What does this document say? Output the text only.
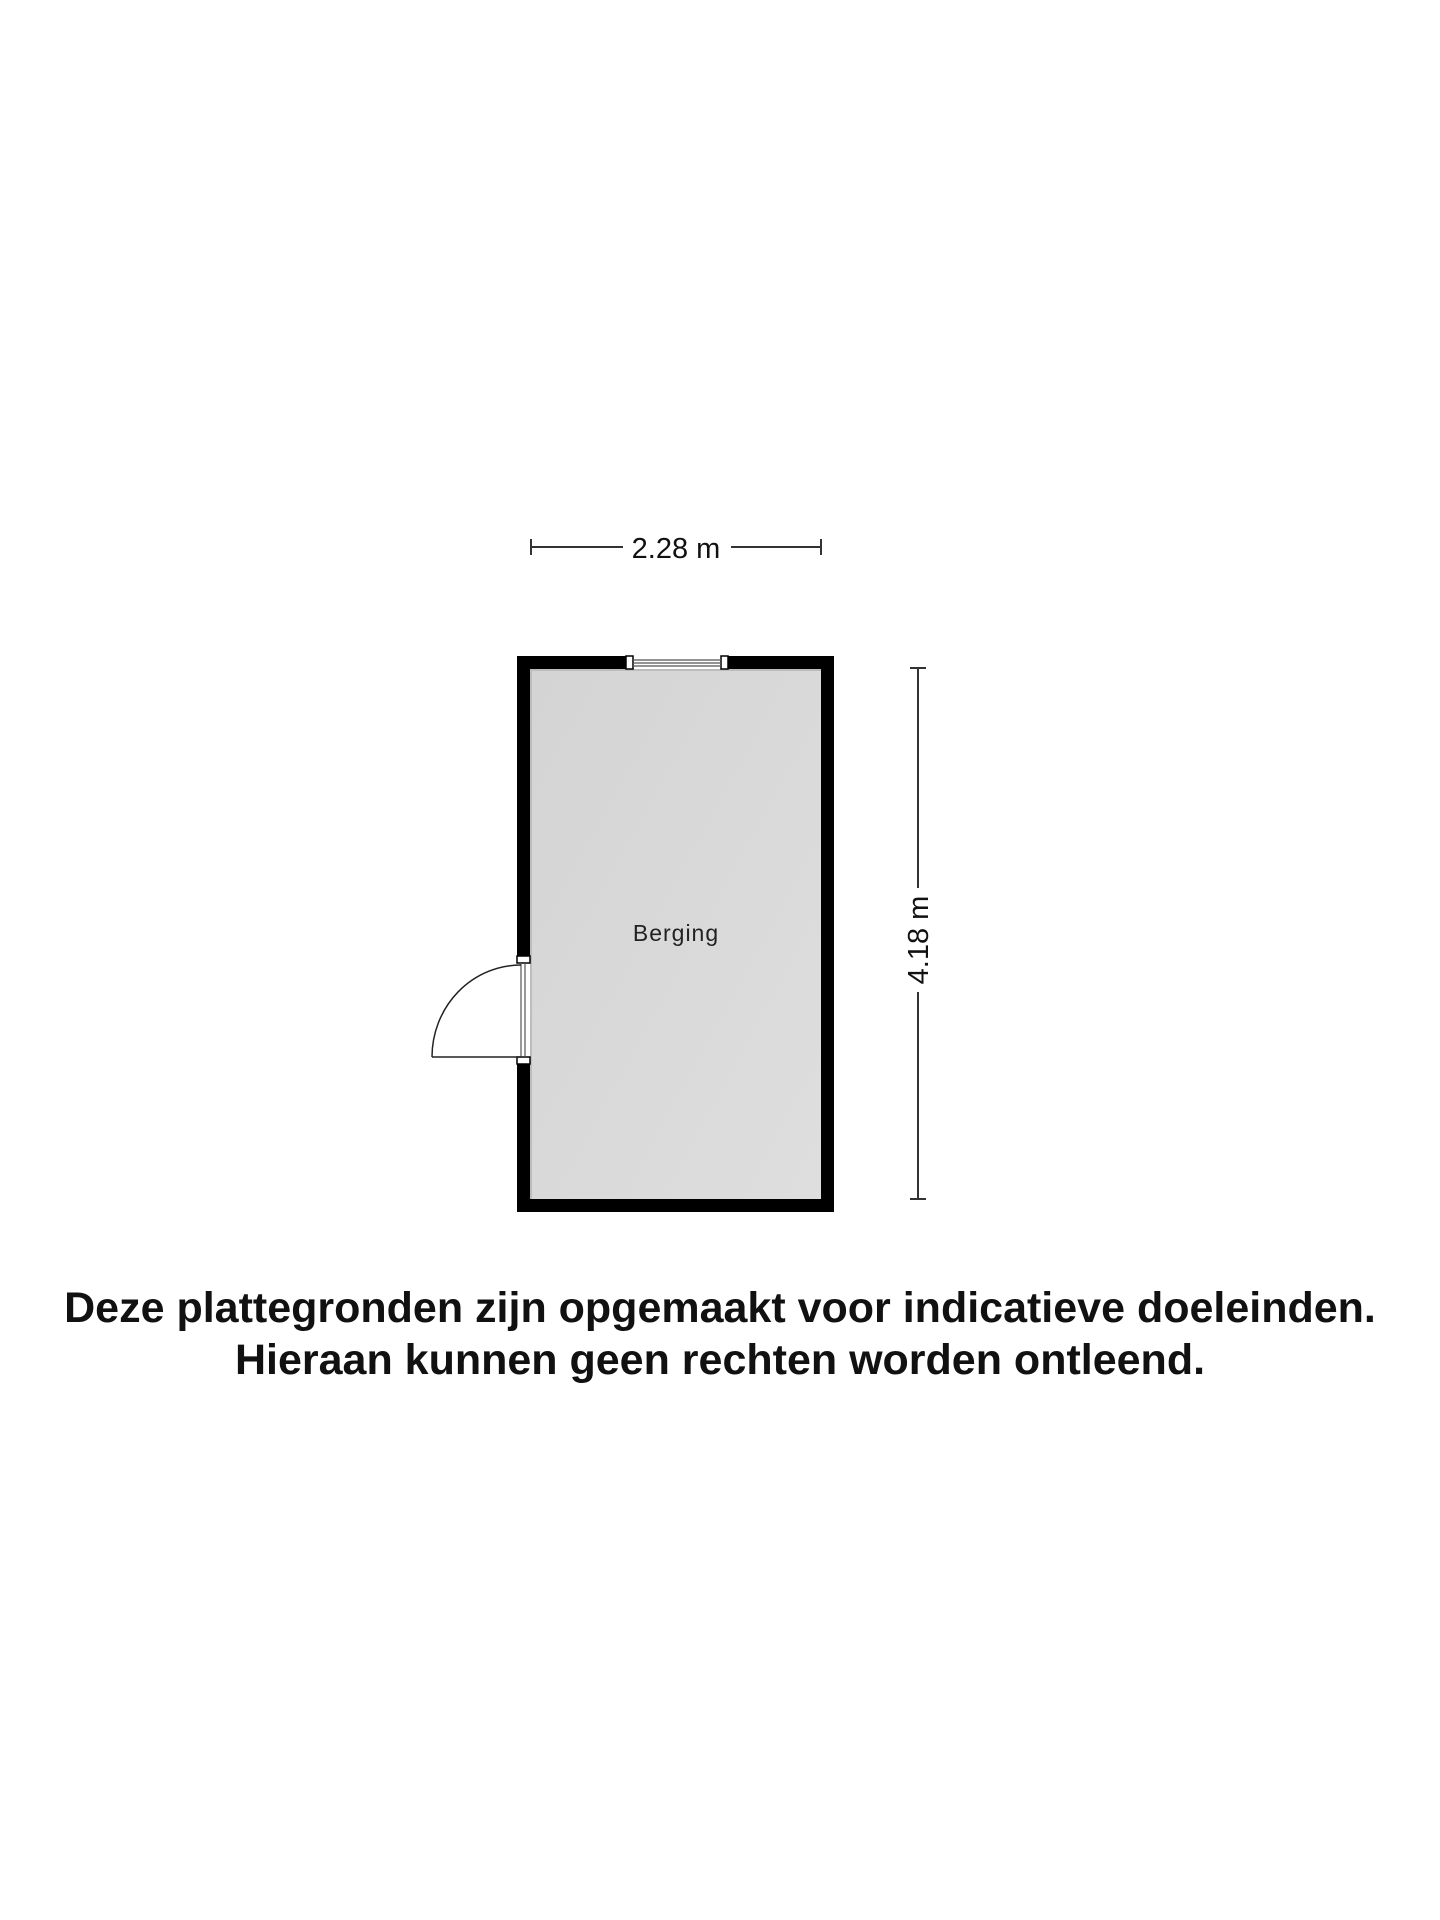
2.28 m
4.18 m
Berging
Deze plattegronden zijn opgemaakt voor indicatieve doeleinden.
Hieraan kunnen geen rechten worden ontleend.
